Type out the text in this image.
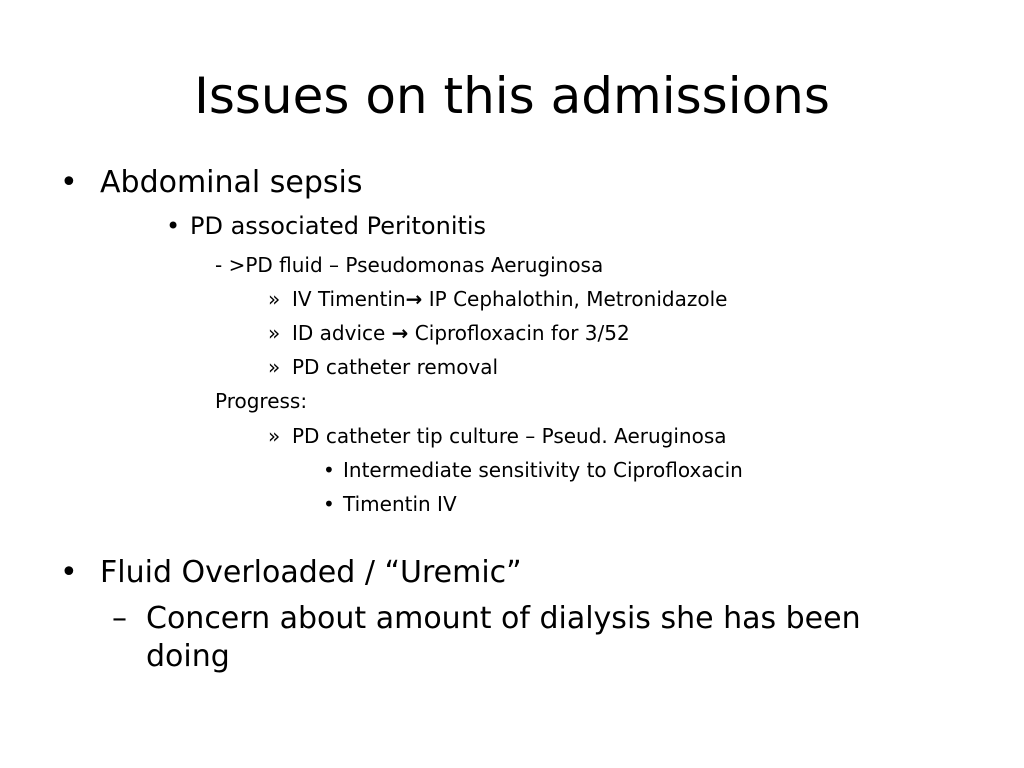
Issues on this admissions
• Abdominal sepsis
• PD associated Peritonitis
- >PD fluid – Pseudomonas Aeruginosa
» IV Timentin→ IP Cephalothin, Metronidazole
» ID advice → Ciprofloxacin for 3/52
» PD catheter removal
Progress:
» PD catheter tip culture – Pseud. Aeruginosa
• Intermediate sensitivity to Ciprofloxacin
• Timentin IV
• Fluid Overloaded / “Uremic”
– Concern about amount of dialysis she has been
doing
